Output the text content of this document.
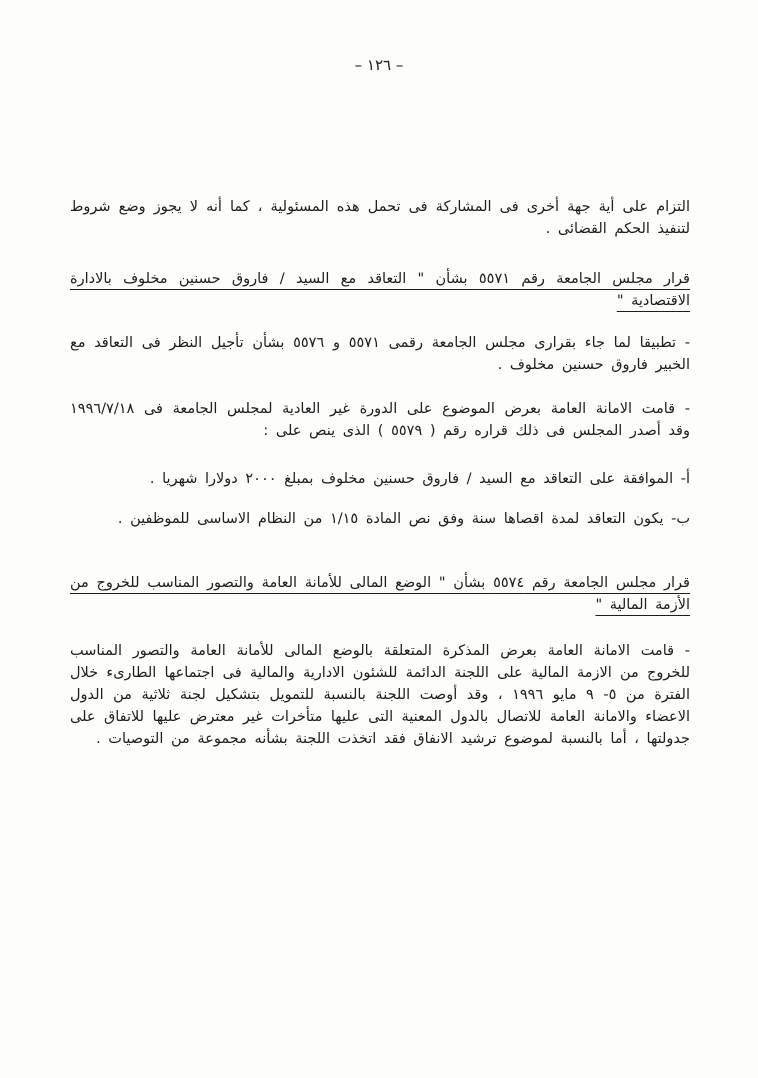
– ١٢٦ –

التزام على أية جهة أخرى فى المشاركة فى تحمل هذه المسئولية ، كما أنه لا يجوز وضع شروط لتنفيذ الحكم القضائى .

قرار مجلس الجامعة رقم ٥٥٧١ بشأن " التعاقد مع السيد / فاروق حسنين مخلوف بالادارة الاقتصادية "

- تطبيقا لما جاء بقرارى مجلس الجامعة رقمى ٥٥٧١ و ٥٥٧٦ بشأن تأجيل النظر فى التعاقد مع الخبير فاروق حسنين مخلوف .

- قامت الامانة العامة بعرض الموضوع على الدورة غير العادية لمجلس الجامعة فى ١٩٩٦/٧/١٨ وقد أصدر المجلس فى ذلك قراره رقم ( ٥٥٧٩ ) الذى ينص على :

أ- الموافقة على التعاقد مع السيد / فاروق حسنين مخلوف بمبلغ ٢٠٠٠ دولارا شهريا .

ب- يكون التعاقد لمدة اقصاها سنة وفق نص المادة ١/١٥ من النظام الاساسى للموظفين .

قرار مجلس الجامعة رقم ٥٥٧٤ بشأن " الوضع المالى للأمانة العامة والتصور المناسب للخروج من الأزمة المالية "

- قامت الامانة العامة بعرض المذكرة المتعلقة بالوضع المالى للأمانة العامة والتصور المناسب للخروج من الازمة المالية على اللجنة الدائمة للشئون الادارية والمالية فى اجتماعها الطارىء خلال الفترة من ٥- ٩ مايو ١٩٩٦ ، وقد أوصت اللجنة بالنسبة للتمويل بتشكيل لجنة ثلاثية من الدول الاعضاء والامانة العامة للاتصال بالدول المعنية التى عليها متأخرات غير معترض عليها للاتفاق على جدولتها ، أما بالنسبة لموضوع ترشيد الانفاق فقد اتخذت اللجنة بشأنه مجموعة من التوصيات .
